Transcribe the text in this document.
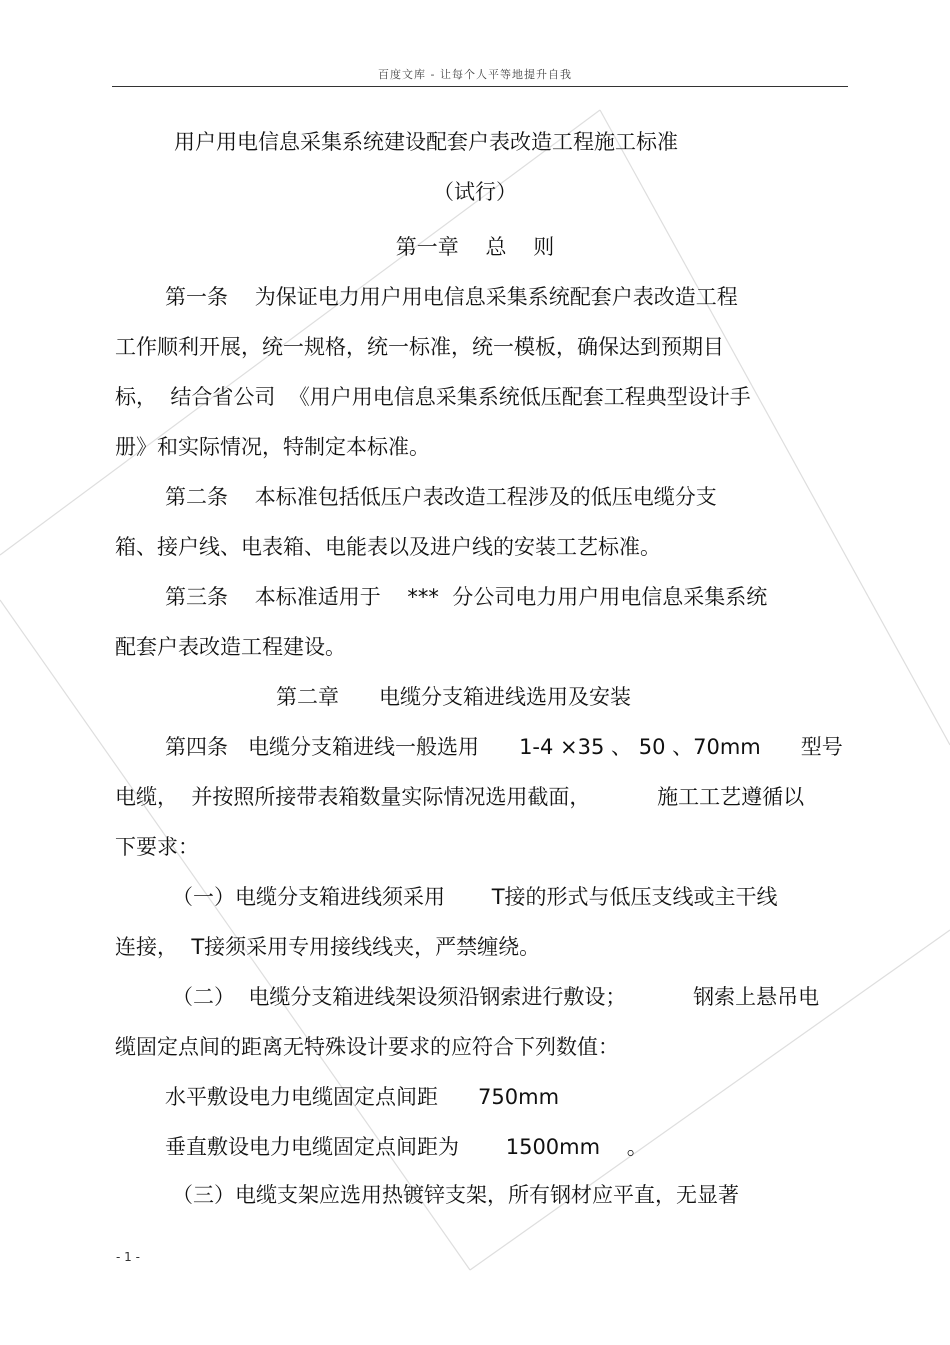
百度文库 - 让每个人平等地提升自我
用户用电信息采集系统建设配套户表改造工程施工标准
（试行）
第一章    总    则
第一条    为保证电力用户用电信息采集系统配套户表改造工程
工作顺利开展，统一规格，统一标准，统一模板，确保达到预期目
标，  结合省公司  《用户用电信息采集系统低压配套工程典型设计手
册》和实际情况，特制定本标准。
第二条    本标准包括低压户表改造工程涉及的低压电缆分支
箱、接户线、电表箱、电能表以及进户线的安装工艺标准。
第三条    本标准适用于    ***  分公司电力用户用电信息采集系统
配套户表改造工程建设。
第二章      电缆分支箱进线选用及安装
第四条   电缆分支箱进线一般选用      1-4 ×35 、 50 、70mm      型号
电缆，  并按照所接带表箱数量实际情况选用截面，          施工工艺遵循以
下要求：
（一）电缆分支箱进线须采用       T接的形式与低压支线或主干线
连接，  T接须采用专用接线线夹，严禁缠绕。
（二）  电缆分支箱进线架设须沿钢索进行敷设；          钢索上悬吊电
缆固定点间的距离无特殊设计要求的应符合下列数值：
水平敷设电力电缆固定点间距      750mm
垂直敷设电力电缆固定点间距为       1500mm    。
（三）电缆支架应选用热镀锌支架，所有钢材应平直，无显著
- 1 -
